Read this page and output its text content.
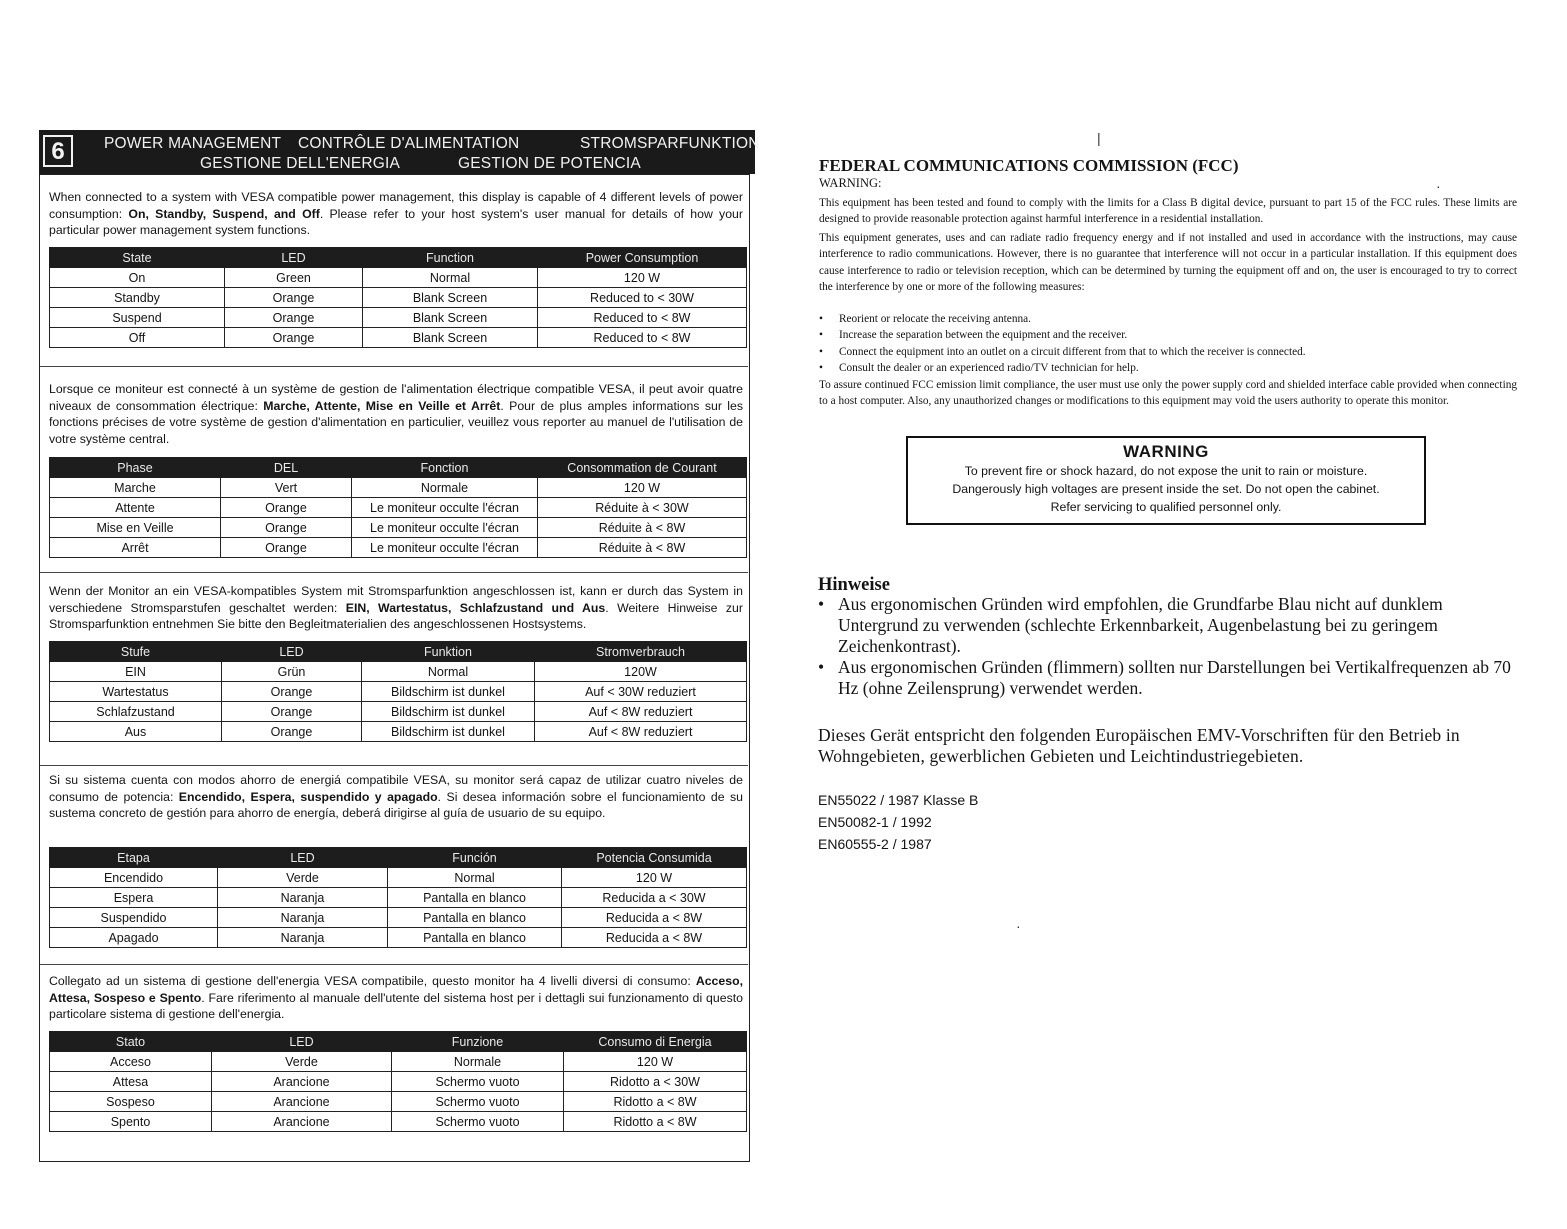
6	POWER MANAGEMENT CONTRÔLE D'ALIMENTATION	STROMSPARFUNKTION
GESTIONE DELL'ENERGIA	GESTION DE POTENCIA
When connected to a system with VESA compatible power management, this display is capable of 4 different levels of power consumption: On, Standby, Suspend, and Off. Please refer to your host system's user manual for details of how your particular power management system functions.
State	LED	Function	Power Consumption
On	Green	Normal	120 W
Standby	Orange	Blank Screen	Reduced to < 30W
Suspend	Orange	Blank Screen	Reduced to < 8W
Off	Orange	Blank Screen	Reduced to < 8W
Lorsque ce moniteur est connecté à un système de gestion de l'alimentation électrique compatible VESA, il peut avoir quatre niveaux de consommation électrique: Marche, Attente, Mise en Veille et Arrêt. Pour de plus amples informations sur les fonctions précises de votre système de gestion d'alimentation en particulier, veuillez vous reporter au manuel de l'utilisation de votre système central.
Phase	DEL	Fonction	Consommation de Courant
Marche	Vert	Normale	120 W
Attente	Orange	Le moniteur occulte l'écran	Réduite à < 30W
Mise en Veille	Orange	Le moniteur occulte l'écran	Réduite à < 8W
Arrêt	Orange	Le moniteur occulte l'écran	Réduite à < 8W
Wenn der Monitor an ein VESA-kompatibles System mit Stromsparfunktion angeschlossen ist, kann er durch das System in verschiedene Stromsparstufen geschaltet werden: EIN, Wartestatus, Schlafzustand und Aus. Weitere Hinweise zur Stromsparfunktion entnehmen Sie bitte den Begleitmaterialien des angeschlossenen Hostsystems.
Stufe	LED	Funktion	Stromverbrauch
EIN	Grün	Normal	120W
Wartestatus	Orange	Bildschirm ist dunkel	Auf < 30W reduziert
Schlafzustand	Orange	Bildschirm ist dunkel	Auf < 8W reduziert
Aus	Orange	Bildschirm ist dunkel	Auf < 8W reduziert
Si su sistema cuenta con modos ahorro de energiá compatibile VESA, su monitor será capaz de utilizar cuatro niveles de consumo de potencia: Encendido, Espera, suspendido y apagado. Si desea información sobre el funcionamiento de su sustema concreto de gestión para ahorro de energía, deberá dirigirse al guía de usuario de su equipo.
Etapa	LED	Función	Potencia Consumida
Encendido	Verde	Normal	120 W
Espera	Naranja	Pantalla en blanco	Reducida a < 30W
Suspendido	Naranja	Pantalla en blanco	Reducida a < 8W
Apagado	Naranja	Pantalla en blanco	Reducida a < 8W
Collegato ad un sistema di gestione dell'energia VESA compatibile, questo monitor ha 4 livelli diversi di consumo: Acceso, Attesa, Sospeso e Spento. Fare riferimento al manuale dell'utente del sistema host per i dettagli sui funzionamento di questo particolare sistema di gestione dell'energia.
Stato	LED	Funzione	Consumo di Energia
Acceso	Verde	Normale	120 W
Attesa	Arancione	Schermo vuoto	Ridotto a < 30W
Sospeso	Arancione	Schermo vuoto	Ridotto a < 8W
Spento	Arancione	Schermo vuoto	Ridotto a < 8W
FEDERAL COMMUNICATIONS COMMISSION (FCC)
WARNING:
This equipment has been tested and found to comply with the limits for a Class B digital device, pursuant to part 15 of the FCC rules. These limits are designed to provide reasonable protection against harmful interference in a residential installation.
This equipment generates, uses and can radiate radio frequency energy and if not installed and used in accordance with the instructions, may cause interference to radio communications. However, there is no guarantee that interference will not occur in a particular installation. If this equipment does cause interference to radio or television reception, which can be determined by turning the equipment off and on, the user is encouraged to try to correct the interference by one or more of the following measures:
• Reorient or relocate the receiving antenna.
• Increase the separation between the equipment and the receiver.
• Connect the equipment into an outlet on a circuit different from that to which the receiver is connected.
• Consult the dealer or an experienced radio/TV technician for help.
To assure continued FCC emission limit compliance, the user must use only the power supply cord and shielded interface cable provided when connecting to a host computer. Also, any unauthorized changes or modifications to this equipment may void the users authority to operate this monitor.
WARNING
To prevent fire or shock hazard, do not expose the unit to rain or moisture.
Dangerously high voltages are present inside the set. Do not open the cabinet.
Refer servicing to qualified personnel only.
Hinweise
• Aus ergonomischen Gründen wird empfohlen, die Grundfarbe Blau nicht auf dunklem Untergrund zu verwenden (schlechte Erkennbarkeit, Augenbelastung bei zu geringem Zeichenkontrast).
• Aus ergonomischen Gründen (flimmern) sollten nur Darstellungen bei Vertikalfrequenzen ab 70 Hz (ohne Zeilensprung) verwendet werden.
Dieses Gerät entspricht den folgenden Europäischen EMV-Vorschriften für den Betrieb in Wohngebieten, gewerblichen Gebieten und Leichtindustriegebieten.
EN55022 / 1987 Klasse B
EN50082-1 / 1992
EN60555-2 / 1987
|
·
·
